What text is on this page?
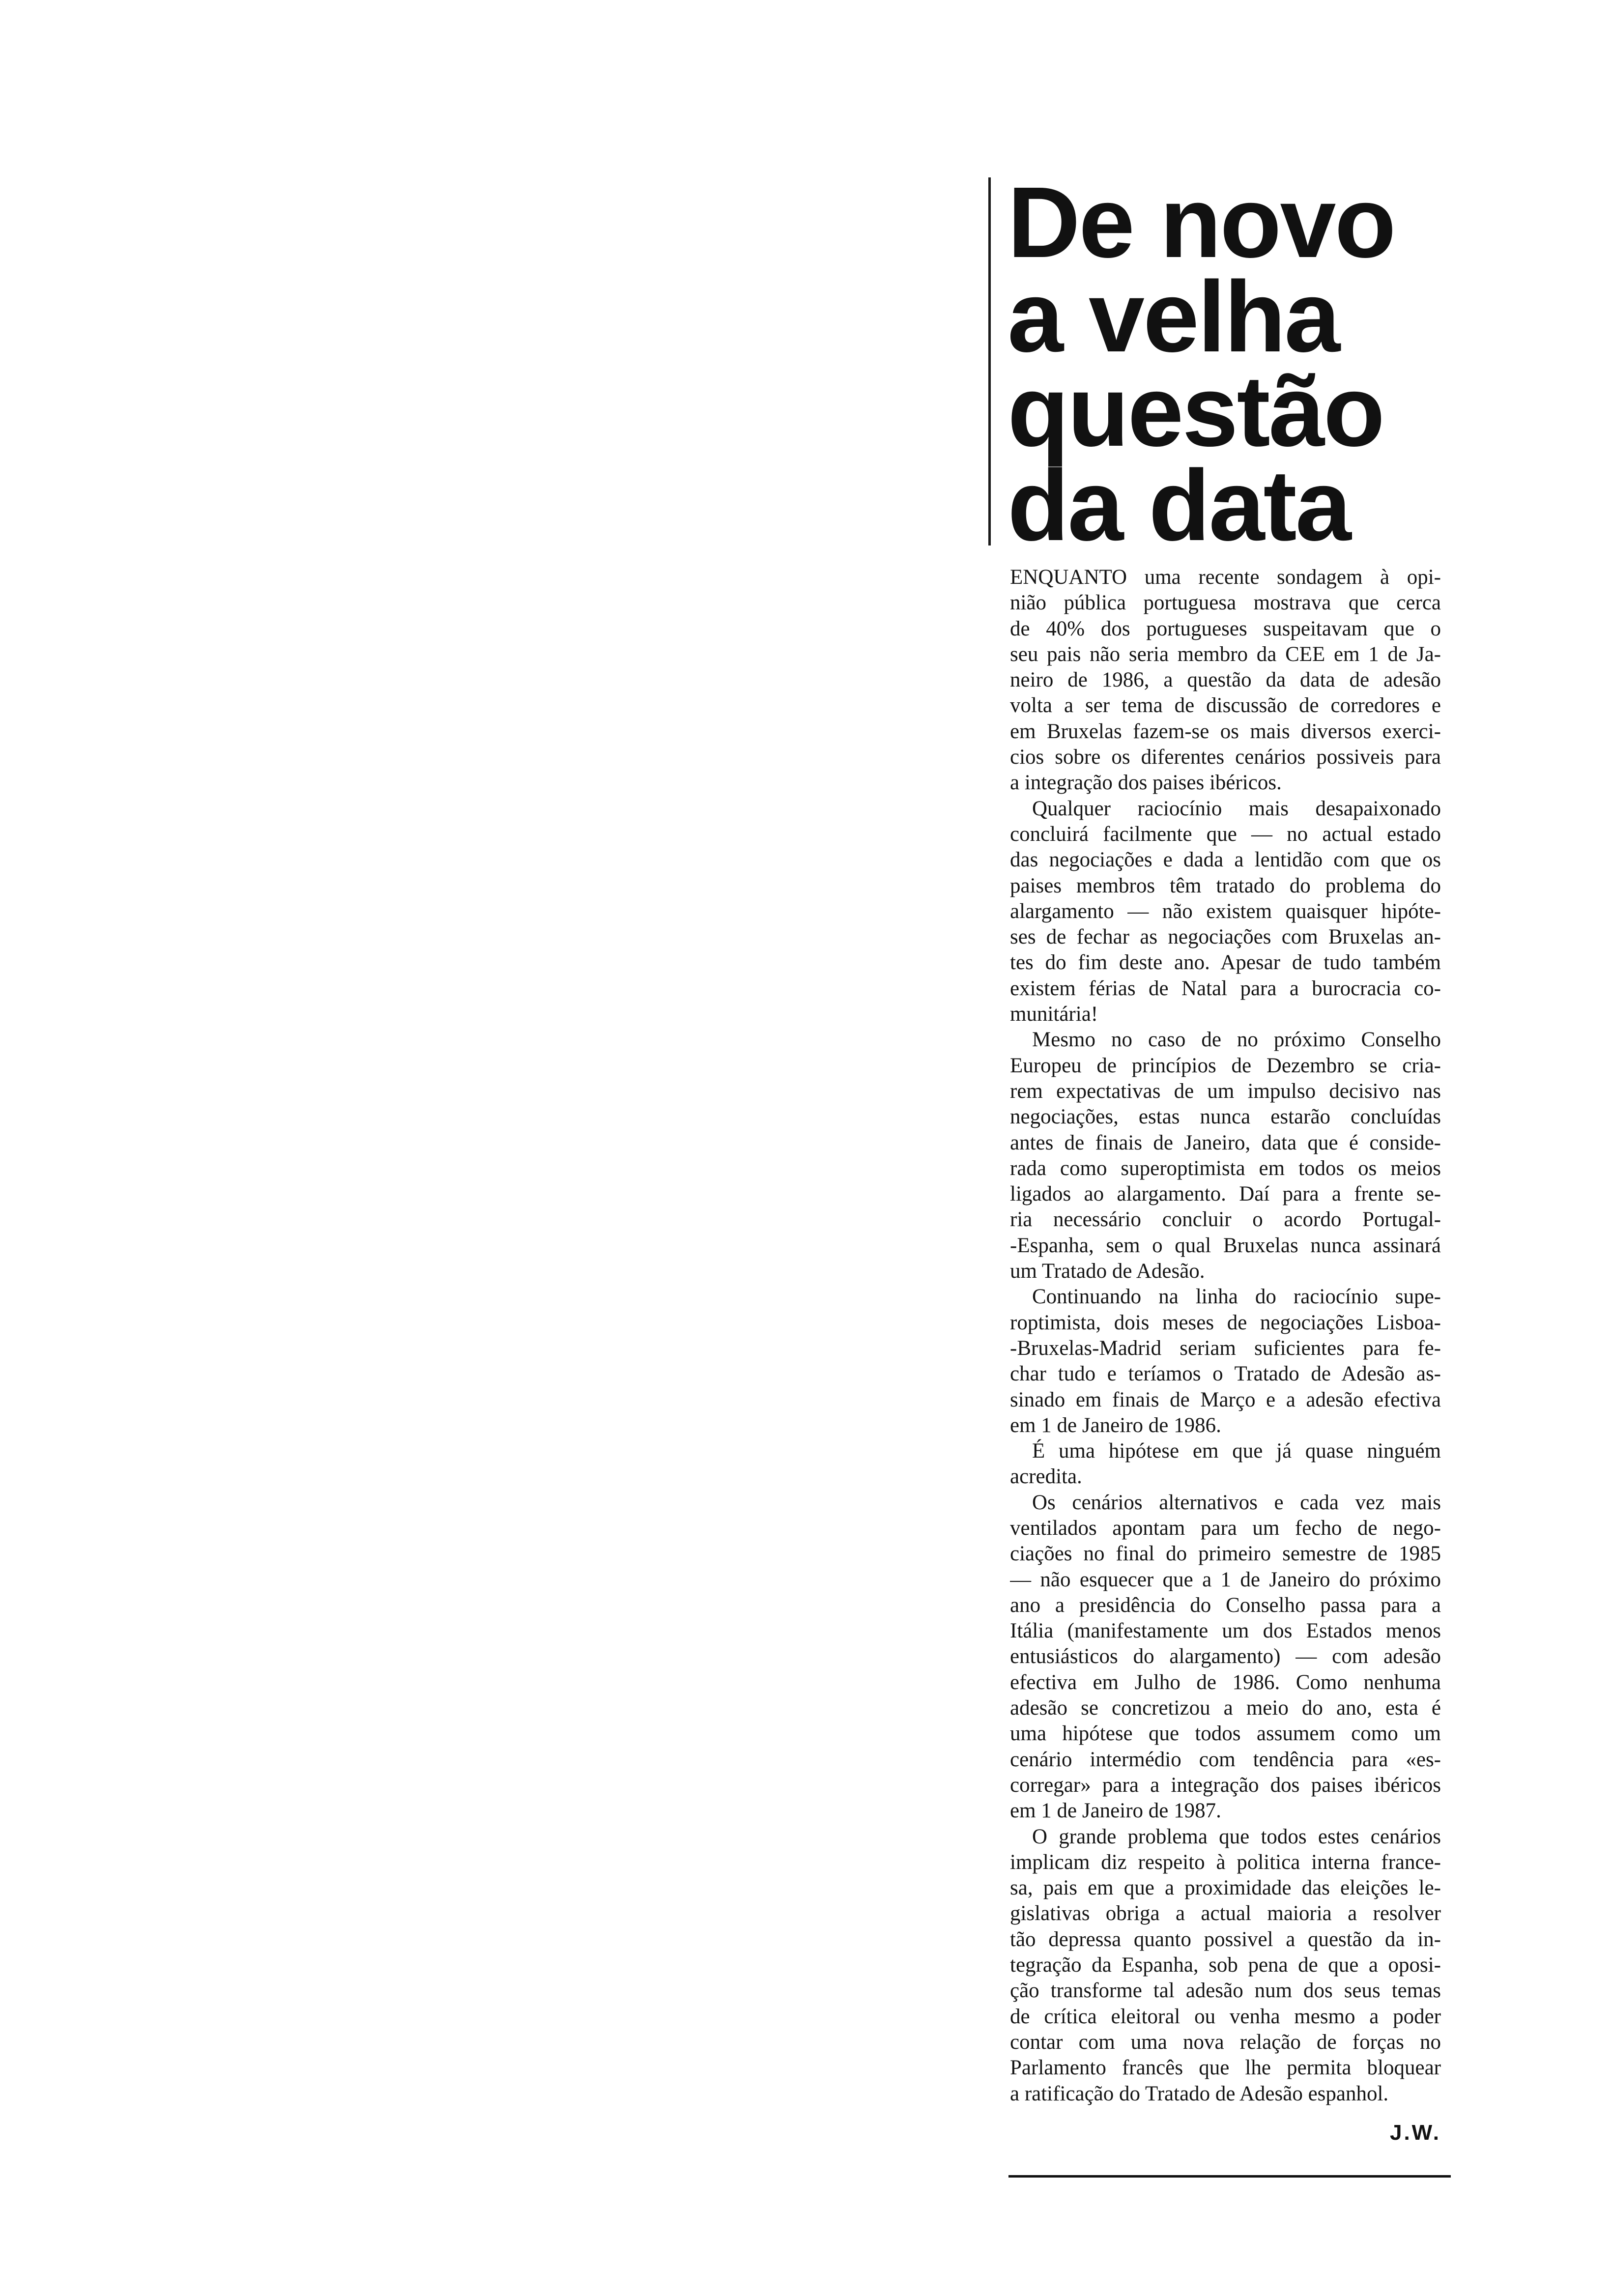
De novo
a velha
questão
da data
ENQUANTO uma recente sondagem à opi-
nião pública portuguesa mostrava que cerca
de 40% dos portugueses suspeitavam que o
seu pais não seria membro da CEE em 1 de Ja-
neiro de 1986, a questão da data de adesão
volta a ser tema de discussão de corredores e
em Bruxelas fazem-se os mais diversos exerci-
cios sobre os diferentes cenários possiveis para
a integração dos paises ibéricos.
Qualquer raciocínio mais desapaixonado
concluirá facilmente que — no actual estado
das negociações e dada a lentidão com que os
paises membros têm tratado do problema do
alargamento — não existem quaisquer hipóte-
ses de fechar as negociações com Bruxelas an-
tes do fim deste ano. Apesar de tudo também
existem férias de Natal para a burocracia co-
munitária!
Mesmo no caso de no próximo Conselho
Europeu de princípios de Dezembro se cria-
rem expectativas de um impulso decisivo nas
negociações, estas nunca estarão concluídas
antes de finais de Janeiro, data que é conside-
rada como superoptimista em todos os meios
ligados ao alargamento. Daí para a frente se-
ria necessário concluir o acordo Portugal-
-Espanha, sem o qual Bruxelas nunca assinará
um Tratado de Adesão.
Continuando na linha do raciocínio supe-
roptimista, dois meses de negociações Lisboa-
-Bruxelas-Madrid seriam suficientes para fe-
char tudo e teríamos o Tratado de Adesão as-
sinado em finais de Março e a adesão efectiva
em 1 de Janeiro de 1986.
É uma hipótese em que já quase ninguém
acredita.
Os cenários alternativos e cada vez mais
ventilados apontam para um fecho de nego-
ciações no final do primeiro semestre de 1985
— não esquecer que a 1 de Janeiro do próximo
ano a presidência do Conselho passa para a
Itália (manifestamente um dos Estados menos
entusiásticos do alargamento) — com adesão
efectiva em Julho de 1986. Como nenhuma
adesão se concretizou a meio do ano, esta é
uma hipótese que todos assumem como um
cenário intermédio com tendência para «es-
corregar» para a integração dos paises ibéricos
em 1 de Janeiro de 1987.
O grande problema que todos estes cenários
implicam diz respeito à politica interna france-
sa, pais em que a proximidade das eleições le-
gislativas obriga a actual maioria a resolver
tão depressa quanto possivel a questão da in-
tegração da Espanha, sob pena de que a oposi-
ção transforme tal adesão num dos seus temas
de crítica eleitoral ou venha mesmo a poder
contar com uma nova relação de forças no
Parlamento francês que lhe permita bloquear
a ratificação do Tratado de Adesão espanhol.
J.W.
